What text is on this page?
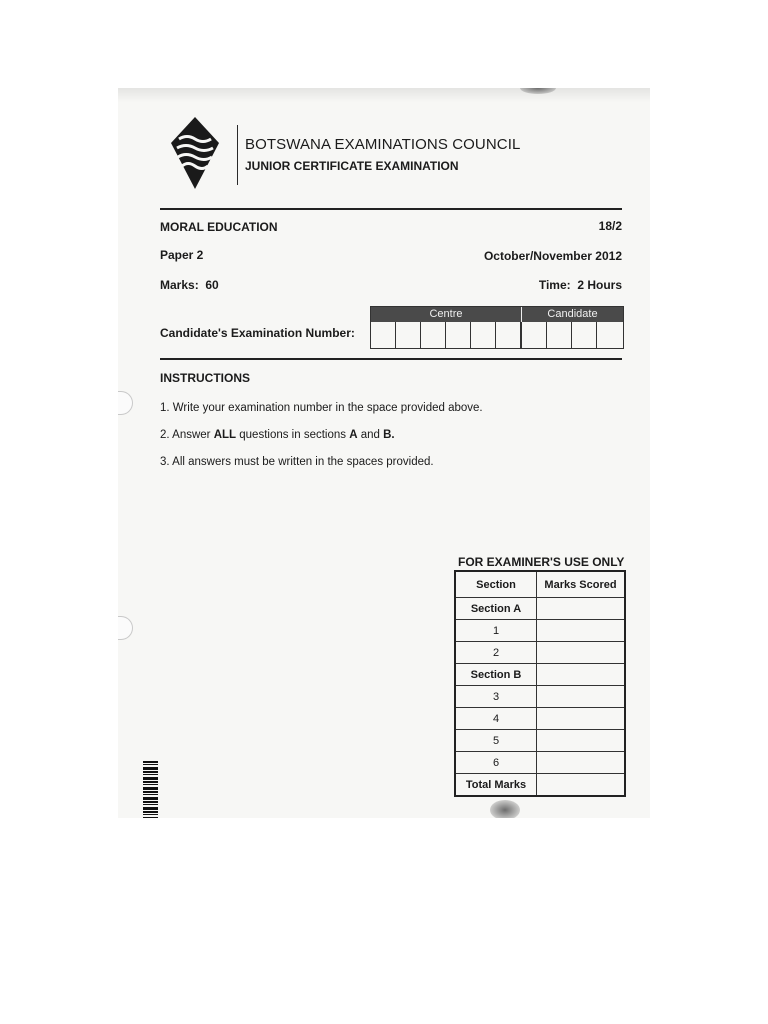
BOTSWANA EXAMINATIONS COUNCIL
JUNIOR CERTIFICATE EXAMINATION
MORAL EDUCATION	18/2
Paper 2	October/November 2012
Marks: 60	Time: 2 Hours
Candidate's Examination Number:
Centre	Candidate
INSTRUCTIONS
1. Write your examination number in the space provided above.
2. Answer ALL questions in sections A and B.
3. All answers must be written in the spaces provided.
FOR EXAMINER'S USE ONLY
Section	Marks Scored
Section A	
1	
2	
Section B	
3	
4	
5	
6	
Total Marks	
